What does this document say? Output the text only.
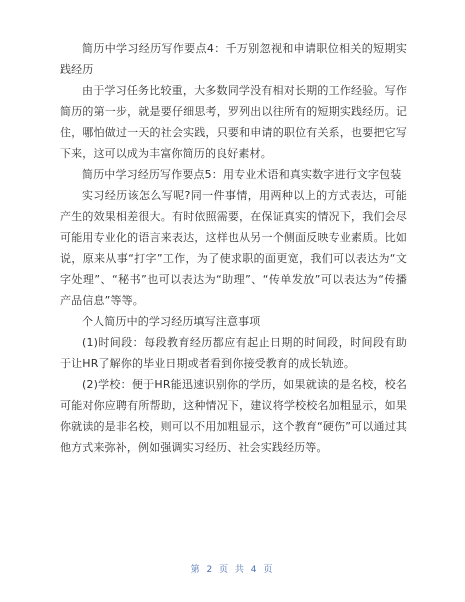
简历中学习经历写作要点4：千万别忽视和申请职位相关的短期实践经历

由于学习任务比较重，大多数同学没有相对长期的工作经验。写作简历的第一步，就是要仔细思考，罗列出以往所有的短期实践经历。记住，哪怕做过一天的社会实践，只要和申请的职位有关系，也要把它写下来，这可以成为丰富你简历的良好素材。

简历中学习经历写作要点5：用专业术语和真实数字进行文字包装

实习经历该怎么写呢?同一件事情，用两种以上的方式表达，可能产生的效果相差很大。有时依照需要，在保证真实的情况下，我们会尽可能用专业化的语言来表达，这样也从另一个侧面反映专业素质。比如说，原来从事“打字”工作，为了使求职的面更宽，我们可以表达为“文字处理”、“秘书”也可以表达为“助理”、“传单发放”可以表达为“传播产品信息”等等。

个人简历中的学习经历填写注意事项

(1)时间段：每段教育经历都应有起止日期的时间段，时间段有助于让HR了解你的毕业日期或者看到你接受教育的成长轨迹。

(2)学校：便于HR能迅速识别你的学历，如果就读的是名校，校名可能对你应聘有所帮助，这种情况下，建议将学校校名加粗显示，如果你就读的是非名校，则可以不用加粗显示，这个教育“硬伤”可以通过其他方式来弥补，例如强调实习经历、社会实践经历等。

第 2 页 共 4 页
